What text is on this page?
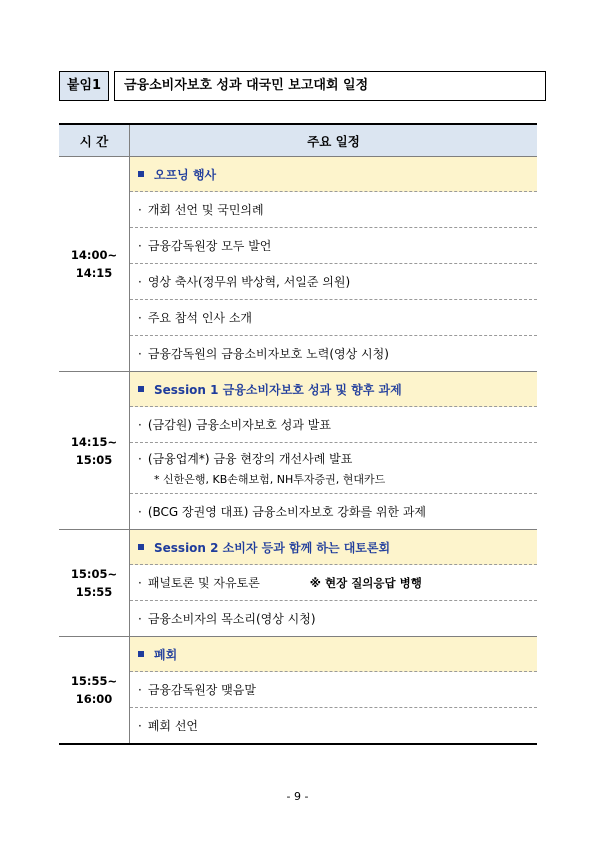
붙임1	금융소비자보호 성과 대국민 보고대회 일정
시 간	주요 일정
14:00~
14:15	오프닝 행사
	· 개회 선언 및 국민의례
	· 금융감독원장 모두 발언
	· 영상 축사(정무위 박상혁, 서일준 의원)
	· 주요 참석 인사 소개
	· 금융감독원의 금융소비자보호 노력(영상 시청)
14:15~
15:05	Session 1 금융소비자보호 성과 및 향후 과제
	· (금감원) 금융소비자보호 성과 발표
	· (금융업계*) 금융 현장의 개선사례 발표
* 신한은행, KB손해보험, NH투자증권, 현대카드

	· (BCG 장권영 대표) 금융소비자보호 강화를 위한 과제
15:05~
15:55	Session 2 소비자 등과 함께 하는 대토론회
	· 패널토론 및 자유토론 ※ 현장 질의응답 병행
	· 금융소비자의 목소리(영상 시청)
15:55~
16:00	폐회
	· 금융감독원장 맺음말
	· 폐회 선언
- 9 -
